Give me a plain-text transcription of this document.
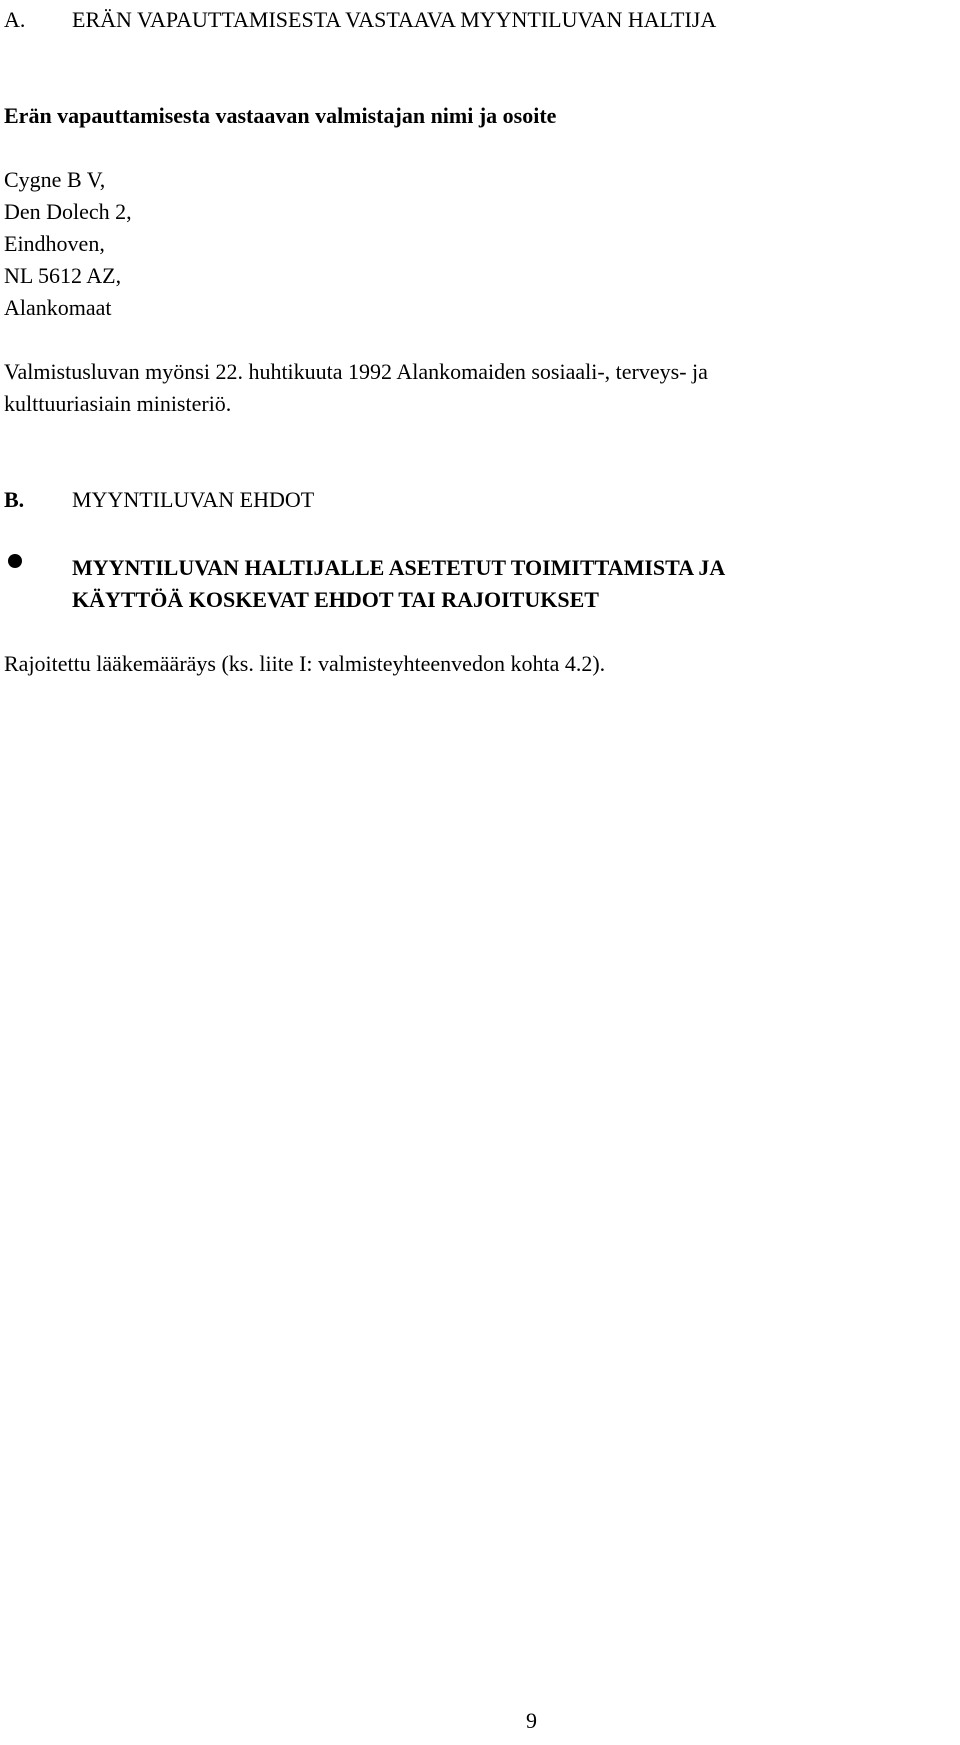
A. ERÄN VAPAUTTAMISESTA VASTAAVA MYYNTILUVAN HALTIJA

Erän vapauttamisesta vastaavan valmistajan nimi ja osoite

Cygne B V,

Den Dolech 2,

Eindhoven,

NL 5612 AZ,

Alankomaat

Valmistusluvan myönsi 22. huhtikuuta 1992 Alankomaiden sosiaali-, terveys- ja

kulttuuriasiain ministeriö.

B. MYYNTILUVAN EHDOT
MYYNTILUVAN HALTIJALLE ASETETUT TOIMITTAMISTA JA
KÄYTTÖÄ KOSKEVAT EHDOT TAI RAJOITUKSET

Rajoitettu lääkemääräys (ks. liite I: valmisteyhteenvedon kohta 4.2).

9
